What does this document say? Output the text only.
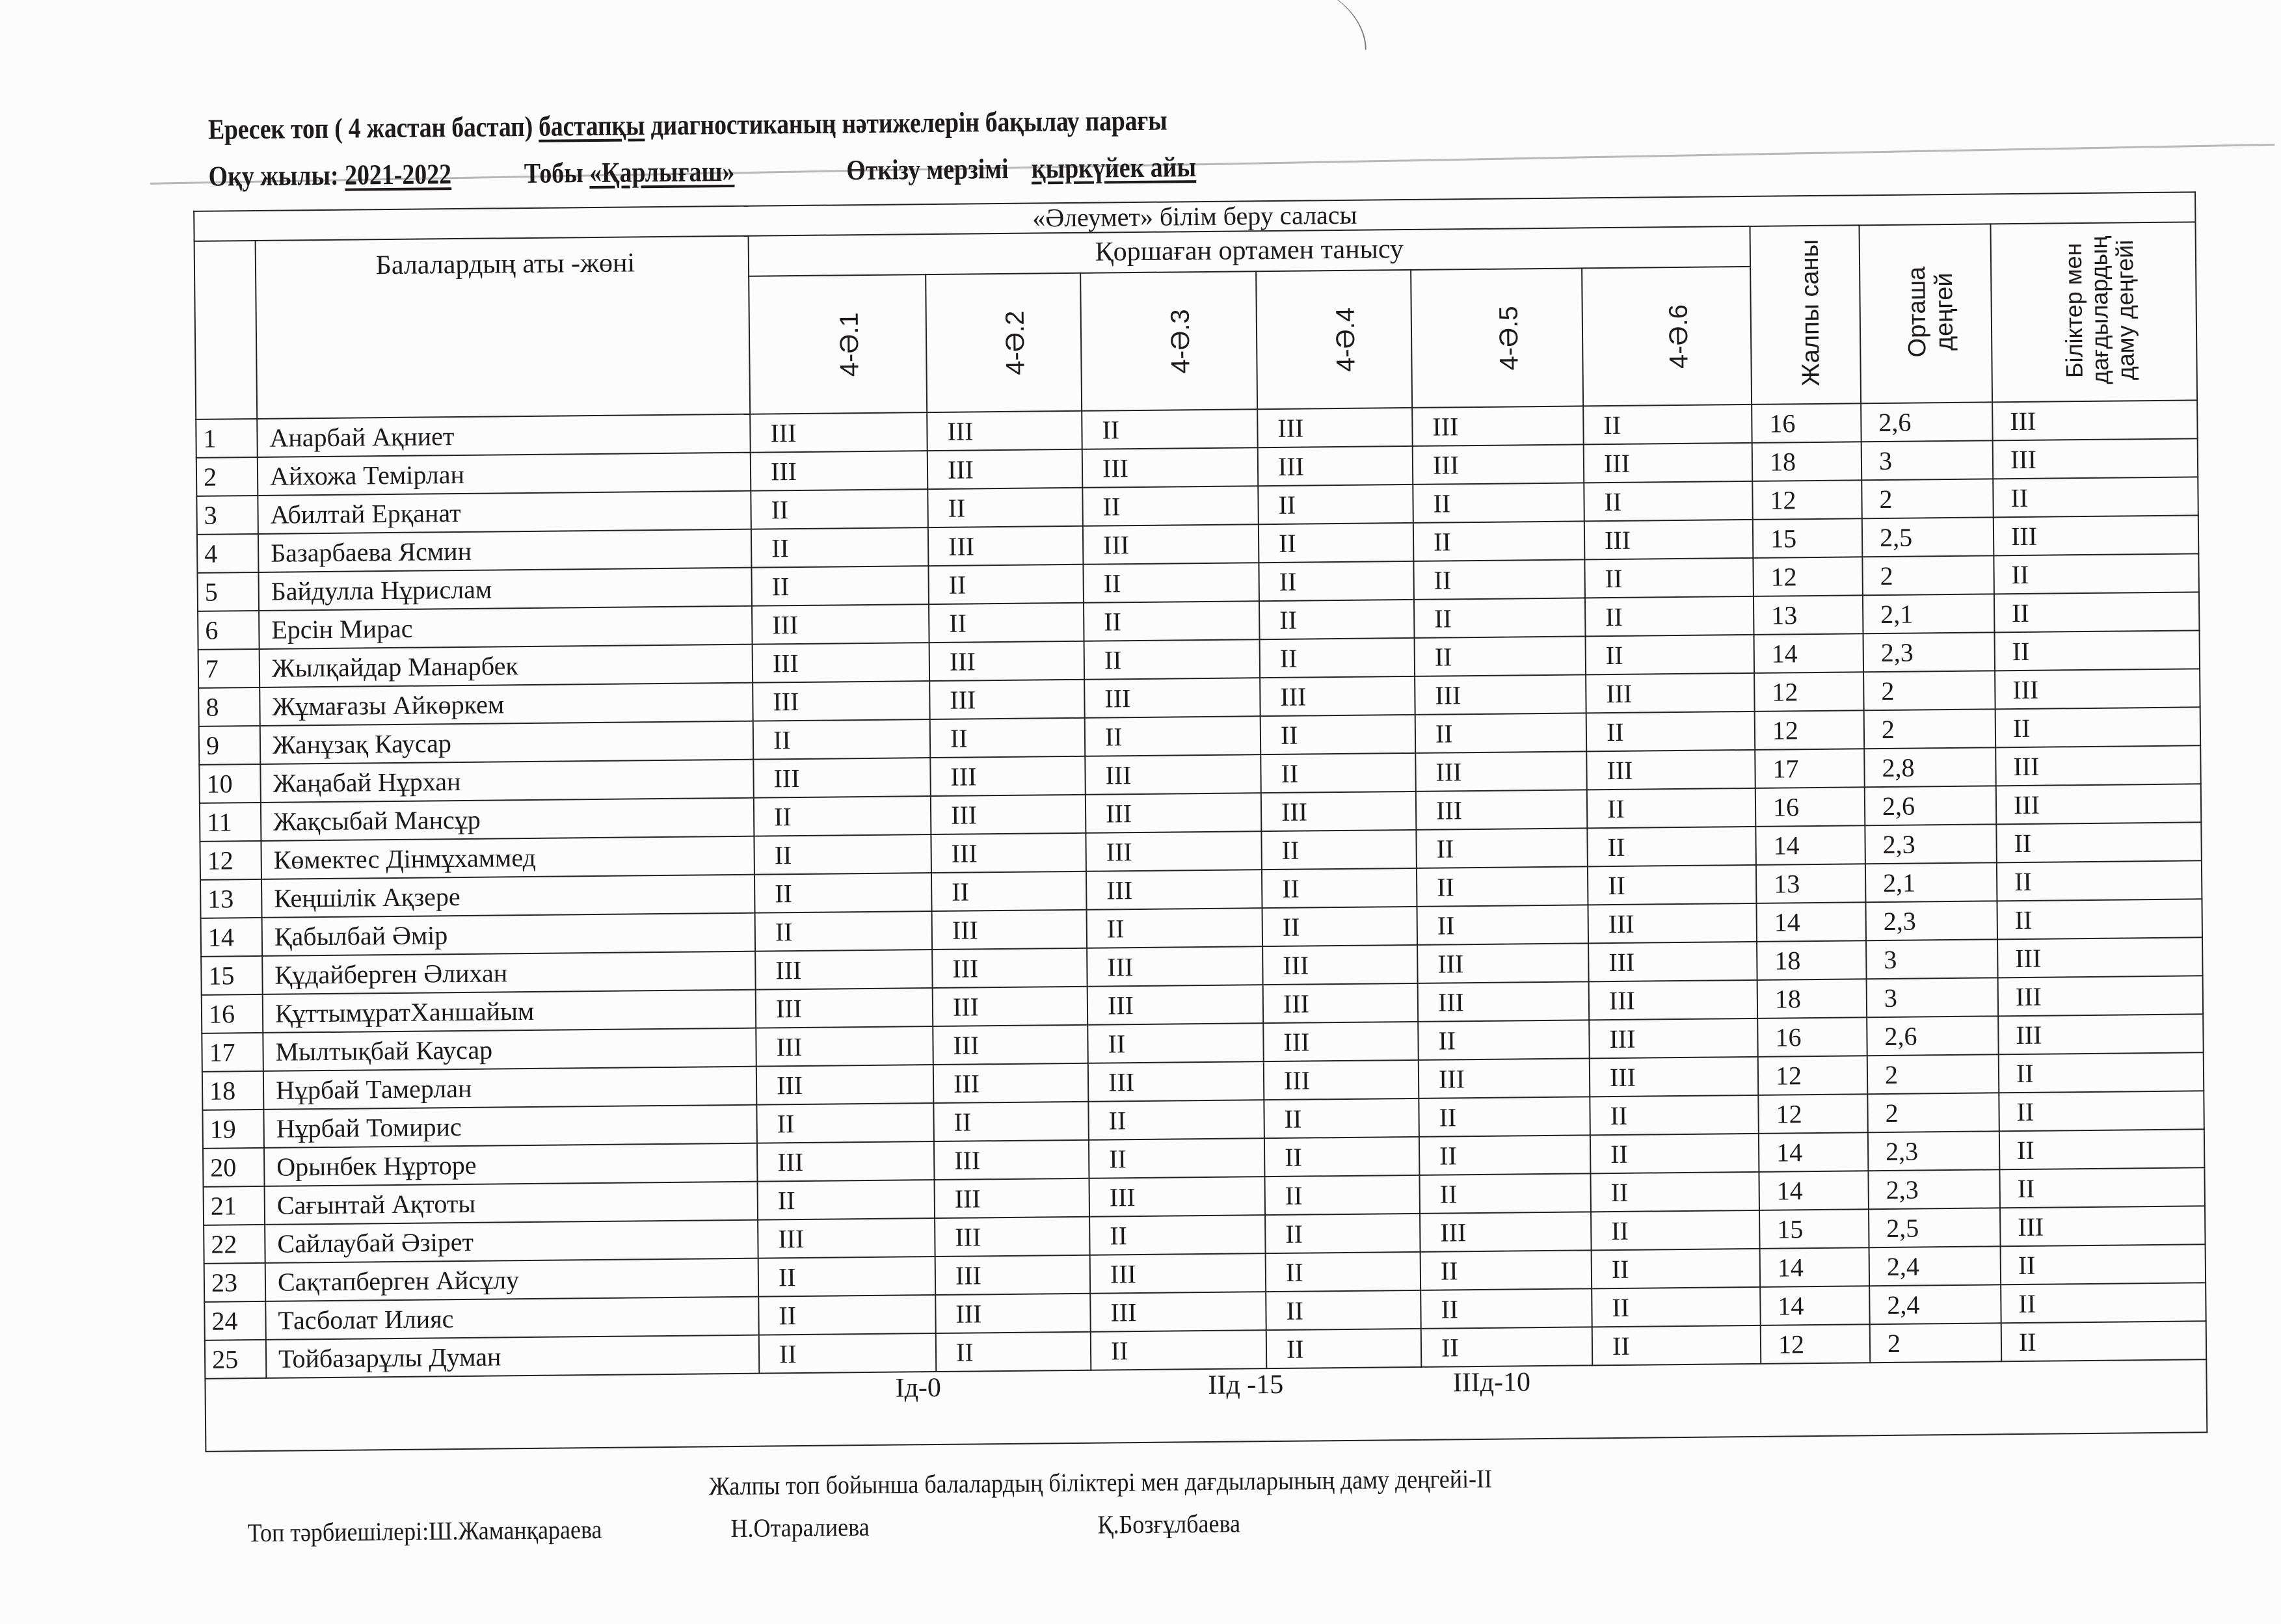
Ересек топ ( 4 жастан бастап) бастапқы диагностиканың нәтижелерін бақылау парағы
Оқу жылы: 2021-2022	Тобы «Қарлығаш»	Өткізу мерзімі қыркүйек айы
«Әлеумет» білім беру саласы										
	Балалардың аты -жөні	Қоршаған ортамен танысу						Жалпы саны	Орташа деңгей	Біліктер мен дағдылардың даму деңгейі

		4-Ә.1	4-Ә.2	4-Ә.3	4-Ә.4	4-Ә.5	4-Ә.6			

1	Анарбай Ақниет	III	III	II	III	III	II	16	2,6	III
2	Айхожа Темірлан	III	III	III	III	III	III	18	3	III
3	Абилтай Ерқанат	II	II	II	II	II	II	12	2	II
4	Базарбаева Ясмин	II	III	III	II	II	III	15	2,5	III
5	Байдулла Нұрислам	II	II	II	II	II	II	12	2	II
6	Ерсін Мирас	III	II	II	II	II	II	13	2,1	II
7	Жылқайдар Манарбек	III	III	II	II	II	II	14	2,3	II
8	Жұмағазы Айкөркем	III	III	III	III	III	III	12	2	III
9	Жанұзақ Каусар	II	II	II	II	II	II	12	2	II
10	Жаңабай Нұрхан	III	III	III	II	III	III	17	2,8	III
11	Жақсыбай Мансұр	II	III	III	III	III	II	16	2,6	III
12	Көмектес Дінмұхаммед	II	III	III	II	II	II	14	2,3	II
13	Кеңшілік Ақзере	II	II	III	II	II	II	13	2,1	II
14	Қабылбай Әмір	II	III	II	II	II	III	14	2,3	II
15	Құдайберген Әлихан	III	III	III	III	III	III	18	3	III
16	ҚұттымұратХаншайым	III	III	III	III	III	III	18	3	III
17	Мылтықбай Каусар	III	III	II	III	II	III	16	2,6	III
18	Нұрбай Тамерлан	III	III	III	III	III	III	12	2	II
19	Нұрбай Томирис	II	II	II	II	II	II	12	2	II
20	Орынбек Нұрторе	III	III	II	II	II	II	14	2,3	II
21	Сағынтай Ақтоты	II	III	III	II	II	II	14	2,3	II
22	Сайлаубай Әзірет	III	III	II	II	III	II	15	2,5	III
23	Сақтапберген Айсұлу	II	III	III	II	II	II	14	2,4	II
24	Тасболат Илияс	II	III	III	II	II	II	14	2,4	II
25	Тойбазарұлы Думан	II	II	II	II	II	II	12	2	II
Ід-0 ІІд -15 ІІІд-10										
Жалпы топ бойынша балалардың біліктері мен дағдыларының даму деңгейі-ІІ
Топ тәрбиешілері:Ш.Жаманқараева	Н.Отаралиева	Қ.Бозғұлбаева
